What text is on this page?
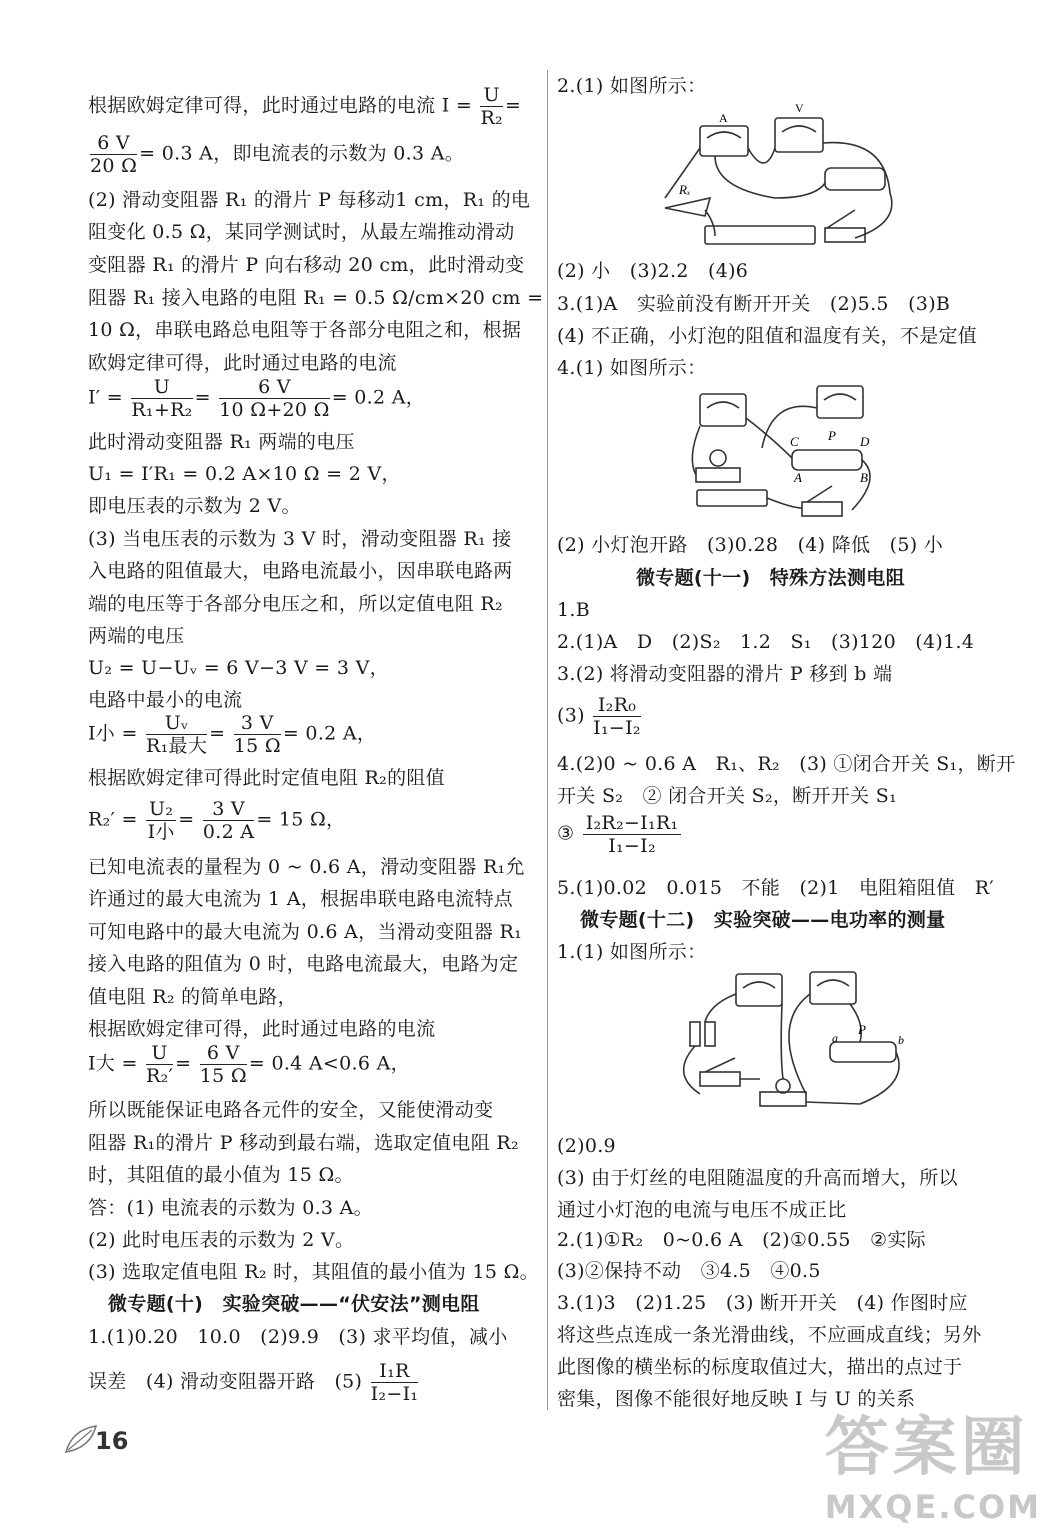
根据欧姆定律可得，此时通过电路的电流 $I = \frac{U}{\text{R₂}}$ =
$\frac{6 V}{20 \Omega} = 0.3$ A，即电流表的示数为 0.3 A。
(2) 滑动变阻器 R₁ 的滑片 P 每移动1 cm，R₁ 的电
阻变化 0.5 Ω，某同学测试时，从最左端推动滑动
变阻器 R₁ 的滑片 P 向右移动 20 cm，此时滑动变
阻器 R₁ 接入电路的电阻 R₁ = 0.5 Ω/cm×20 cm =
10 Ω，串联电路总电阻等于各部分电阻之和，根据
欧姆定律可得，此时通过电路的电流
$I' = \frac{U}{\text{R₁+R₂}} = \frac{6 V}{10 \Omega+20 \Omega} = 0.2$ A，
此时滑动变阻器 R₁ 两端的电压
U₁ = I′R₁ = 0.2 A×10 Ω = 2 V，
即电压表的示数为 2 V。
(3) 当电压表的示数为 3 V 时，滑动变阻器 R₁ 接
入电路的阻值最大，电路电流最小，因串联电路两
端的电压等于各部分电压之和，所以定值电阻 R₂
两端的电压
U₂ = U−Uᵥ = 6 V−3 V = 3 V，
电路中最小的电流
I小 = $\frac{\text{Uᵥ}}{\text{R₁最大}} = \frac{3 V}{15 \Omega} = 0.2$ A，
根据欧姆定律可得此时定值电阻 R₂的阻值
$R_2' = \frac{\text{U₂}}{\text{I小}} = \frac{3 V}{0.2 A} = 15$ Ω，
已知电流表的量程为 0 ~ 0.6 A，滑动变阻器 R₁允
许通过的最大电流为 1 A，根据串联电路电流特点
可知电路中的最大电流为 0.6 A，当滑动变阻器 R₁
接入电路的阻值为 0 时，电路电流最大，电路为定
值电阻 R₂ 的简单电路，
根据欧姆定律可得，此时通过电路的电流
I大 = $\frac{U}{\text{R₂′}} = \frac{6 V}{15 \Omega} = 0.4$ A<0.6 A，
所以既能保证电路各元件的安全，又能使滑动变
阻器 R₁的滑片 P 移动到最右端，选取定值电阻 R₂
时，其阻值的最小值为 15 Ω。
答：(1) 电流表的示数为 0.3 A。
(2) 此时电压表的示数为 2 V。
(3) 选取定值电阻 R₂ 时，其阻值的最小值为 15 Ω。
微专题(十)　实验突破——“伏安法”测电阻
1.(1)0.20　10.0　(2)9.9　(3) 求平均值，减小
误差　(4) 滑动变阻器开路　$(5) \frac{\text{I₁R}}{\text{I₂−I₁}}$
2.(1) 如图所示：
A
V
Rₓ
(2) 小　(3)2.2　(4)6
3.(1)A　实验前没有断开开关　(2)5.5　(3)B
(4) 不正确，小灯泡的阻值和温度有关，不是定值
4.(1) 如图所示：
C P D
A	B
(2) 小灯泡开路　(3)0.28　(4) 降低　(5) 小
微专题(十一)　特殊方法测电阻
1.B
2.(1)A　D　(2)S₂　1.2　S₁　(3)120　(4)1.4
3.(2) 将滑动变阻器的滑片 P 移到 b 端
$(3) \frac{\text{I₂R₀}}{\text{I₁−I₂}}$
4.(2)0 ~ 0.6 A　R₁、R₂　(3) ①闭合开关 S₁，断开
开关 S₂　② 闭合开关 S₂，断开开关 S₁
③ $\frac{\text{I₂R₂−I₁R₁}}{\text{I₁−I₂}}$
5.(1)0.02　0.015　不能　(2)1　电阻箱阻值　R′
微专题(十二)　实验突破——电功率的测量
1.(1) 如图所示：
P
a	b
(2)0.9
(3) 由于灯丝的电阻随温度的升高而增大，所以
通过小灯泡的电流与电压不成正比
2.(1)①R₂　0~0.6 A　(2)①0.55　②实际
(3)②保持不动　③4.5　④0.5
3.(1)3　(2)1.25　(3) 断开开关　(4) 作图时应
将这些点连成一条光滑曲线，不应画成直线；另外
此图像的横坐标的标度取值过大，描出的点过于
密集，图像不能很好地反映 I 与 U 的关系
16	答案圈
MXQE.COM
